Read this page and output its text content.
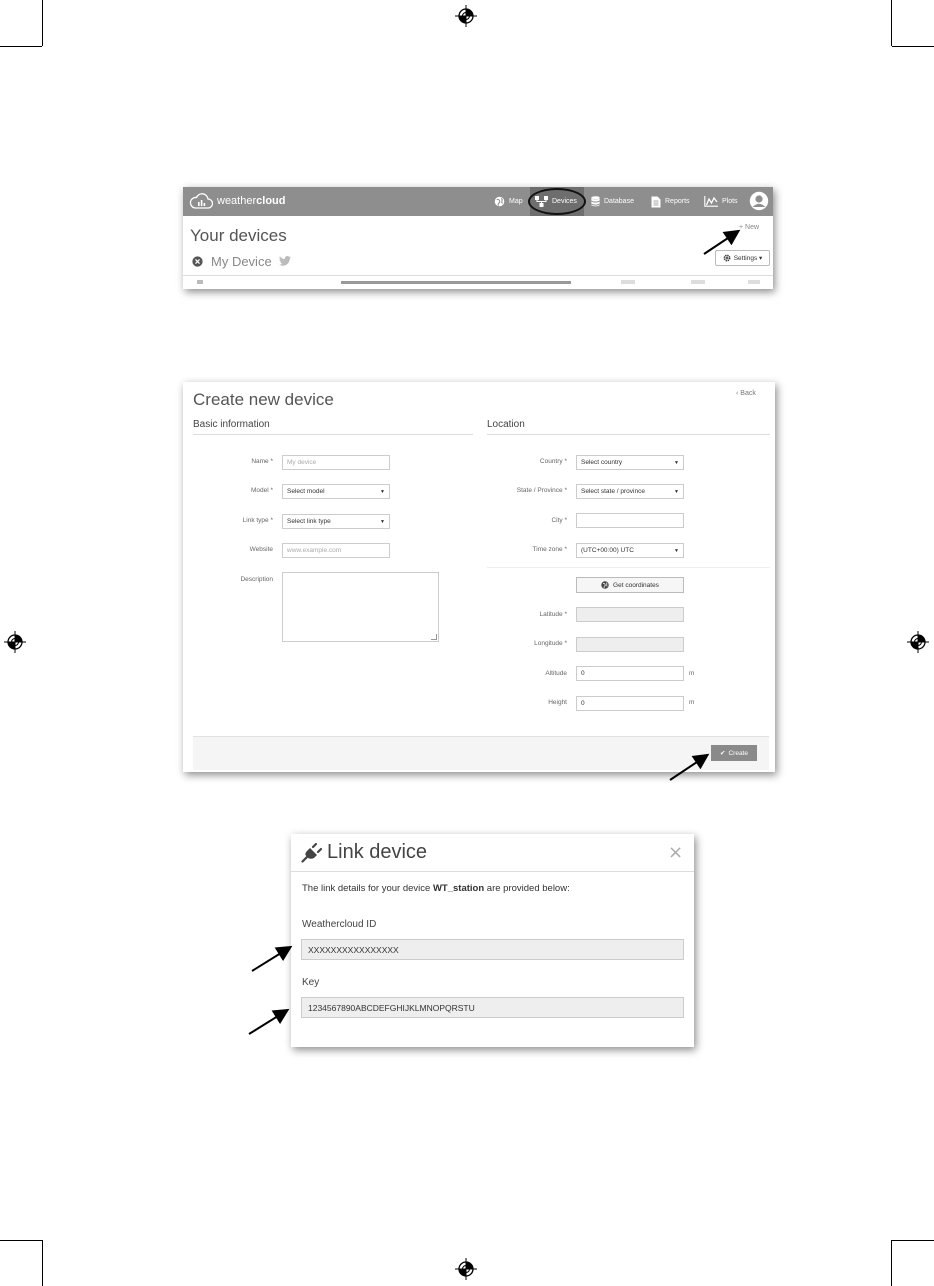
weathercloud	Map	Devices	Database	Reports	Plots
Your devices
My Device
+ New
Settings ▾
Create new device	‹ Back
Basic information	Location
Name *	My device
Model * Select model
▼
Link type * Select link type
▼
Website	www.example.com
Description
Country * Select country
▼
State / Province * Select state / province
▼
City *
Time zone * (UTC+00:00) UTC
▼
Get coordinates
Latitude *
Longitude *
Altitude	0	m
Height	0	m
✔ Create
Link device	×
The link details for your device WT_station are provided below:
Weathercloud ID
XXXXXXXXXXXXXXXX
Key
1234567890ABCDEFGHIJKLMNOPQRSTU
